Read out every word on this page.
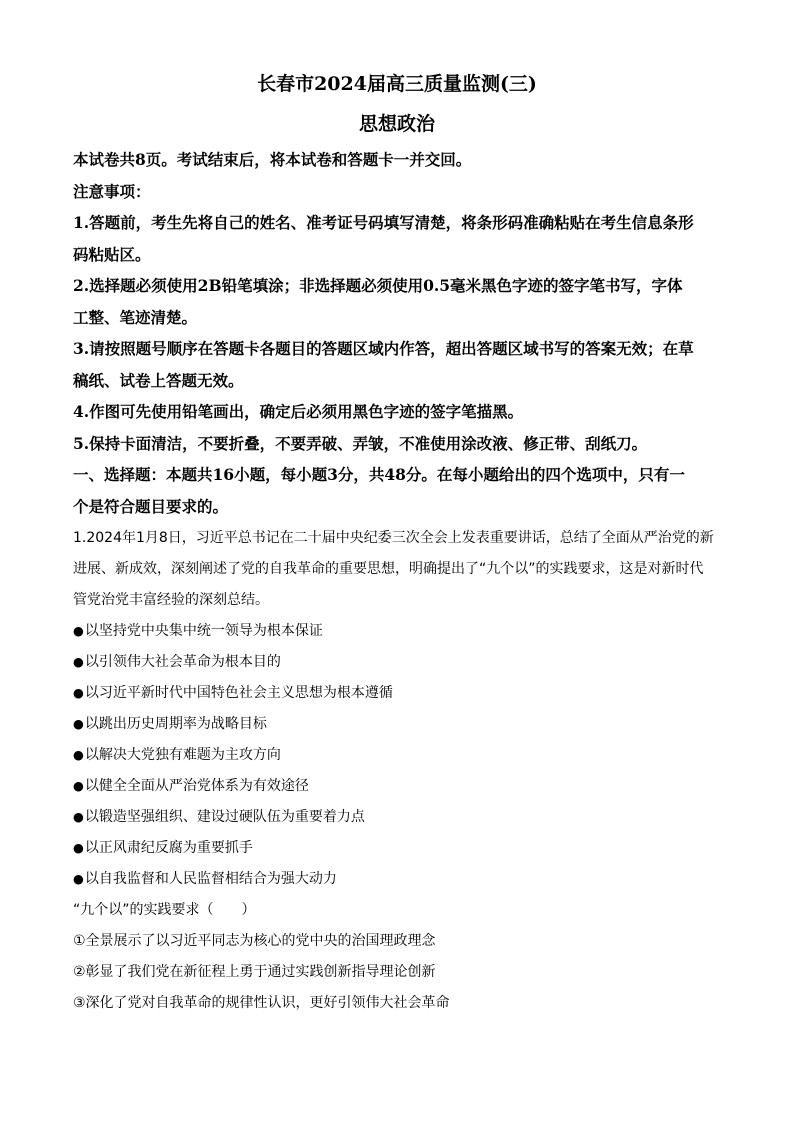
长春市2024届高三质量监测(三)
思想政治

本试卷共8页。考试结束后，将本试卷和答题卡一并交回。

注意事项：

1.答题前，考生先将自己的姓名、准考证号码填写清楚，将条形码准确粘贴在考生信息条形

码粘贴区。

2.选择题必须使用2B铅笔填涂；非选择题必须使用0.5毫米黑色字迹的签字笔书写，字体

工整、笔迹清楚。

3.请按照题号顺序在答题卡各题目的答题区域内作答，超出答题区域书写的答案无效；在草

稿纸、试卷上答题无效。

4.作图可先使用铅笔画出，确定后必须用黑色字迹的签字笔描黑。

5.保持卡面清洁，不要折叠，不要弄破、弄皱，不准使用涂改液、修正带、刮纸刀。

一、选择题：本题共16小题，每小题3分，共48分。在每小题给出的四个选项中，只有一

个是符合题目要求的。

1.2024年1月8日，习近平总书记在二十届中央纪委三次全会上发表重要讲话，总结了全面从严治党的新

进展、新成效，深刻阐述了党的自我革命的重要思想，明确提出了“九个以”的实践要求，这是对新时代

管党治党丰富经验的深刻总结。

● 以坚持党中央集中统一领导为根本保证

● 以引领伟大社会革命为根本目的

● 以习近平新时代中国特色社会主义思想为根本遵循

● 以跳出历史周期率为战略目标

● 以解决大党独有难题为主攻方向

● 以健全全面从严治党体系为有效途径

● 以锻造坚强组织、建设过硬队伍为重要着力点

● 以正风肃纪反腐为重要抓手

● 以自我监督和人民监督相结合为强大动力

“九个以”的实践要求（　　）

①全景展示了以习近平同志为核心的党中央的治国理政理念

②彰显了我们党在新征程上勇于通过实践创新指导理论创新

③深化了党对自我革命的规律性认识，更好引领伟大社会革命
